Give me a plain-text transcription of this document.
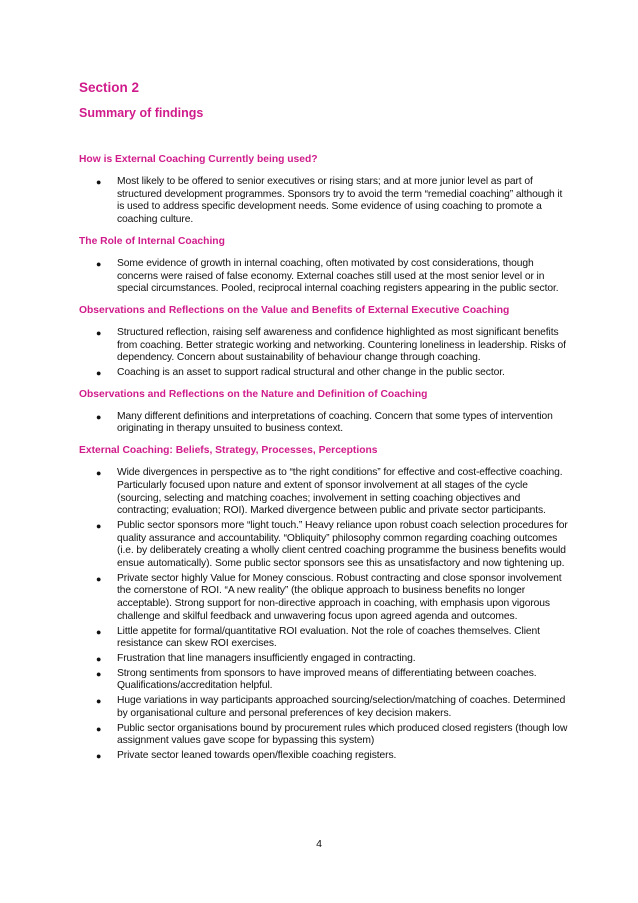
Section 2
Summary of findings
How is External Coaching Currently being used?
● Most likely to be offered to senior executives or rising stars; and at more junior level as part of structured development programmes. Sponsors try to avoid the term “remedial coaching” although it is used to address specific development needs. Some evidence of using coaching to promote a coaching culture.
The Role of Internal Coaching
● Some evidence of growth in internal coaching, often motivated by cost considerations, though concerns were raised of false economy. External coaches still used at the most senior level or in special circumstances. Pooled, reciprocal internal coaching registers appearing in the public sector.
Observations and Reflections on the Value and Benefits of External Executive Coaching
● Structured reflection, raising self awareness and confidence highlighted as most significant benefits from coaching. Better strategic working and networking. Countering loneliness in leadership. Risks of dependency. Concern about sustainability of behaviour change through coaching.
● Coaching is an asset to support radical structural and other change in the public sector.
Observations and Reflections on the Nature and Definition of Coaching
● Many different definitions and interpretations of coaching. Concern that some types of intervention originating in therapy unsuited to business context.
External Coaching: Beliefs, Strategy, Processes, Perceptions
● Wide divergences in perspective as to “the right conditions” for effective and cost-effective coaching. Particularly focused upon nature and extent of sponsor involvement at all stages of the cycle (sourcing, selecting and matching coaches; involvement in setting coaching objectives and contracting; evaluation; ROI). Marked divergence between public and private sector participants.
● Public sector sponsors more “light touch.” Heavy reliance upon robust coach selection procedures for quality assurance and accountability. “Obliquity” philosophy common regarding coaching outcomes (i.e. by deliberately creating a wholly client centred coaching programme the business benefits would ensue automatically). Some public sector sponsors see this as unsatisfactory and now tightening up.
● Private sector highly Value for Money conscious. Robust contracting and close sponsor involvement the cornerstone of ROI. “A new reality” (the oblique approach to business benefits no longer acceptable). Strong support for non-directive approach in coaching, with emphasis upon vigorous challenge and skilful feedback and unwavering focus upon agreed agenda and outcomes.
● Little appetite for formal/quantitative ROI evaluation. Not the role of coaches themselves. Client resistance can skew ROI exercises.
● Frustration that line managers insufficiently engaged in contracting.
● Strong sentiments from sponsors to have improved means of differentiating between coaches. Qualifications/accreditation helpful.
● Huge variations in way participants approached sourcing/selection/matching of coaches. Determined by organisational culture and personal preferences of key decision makers.
● Public sector organisations bound by procurement rules which produced closed registers (though low assignment values gave scope for bypassing this system)
● Private sector leaned towards open/flexible coaching registers.
4
